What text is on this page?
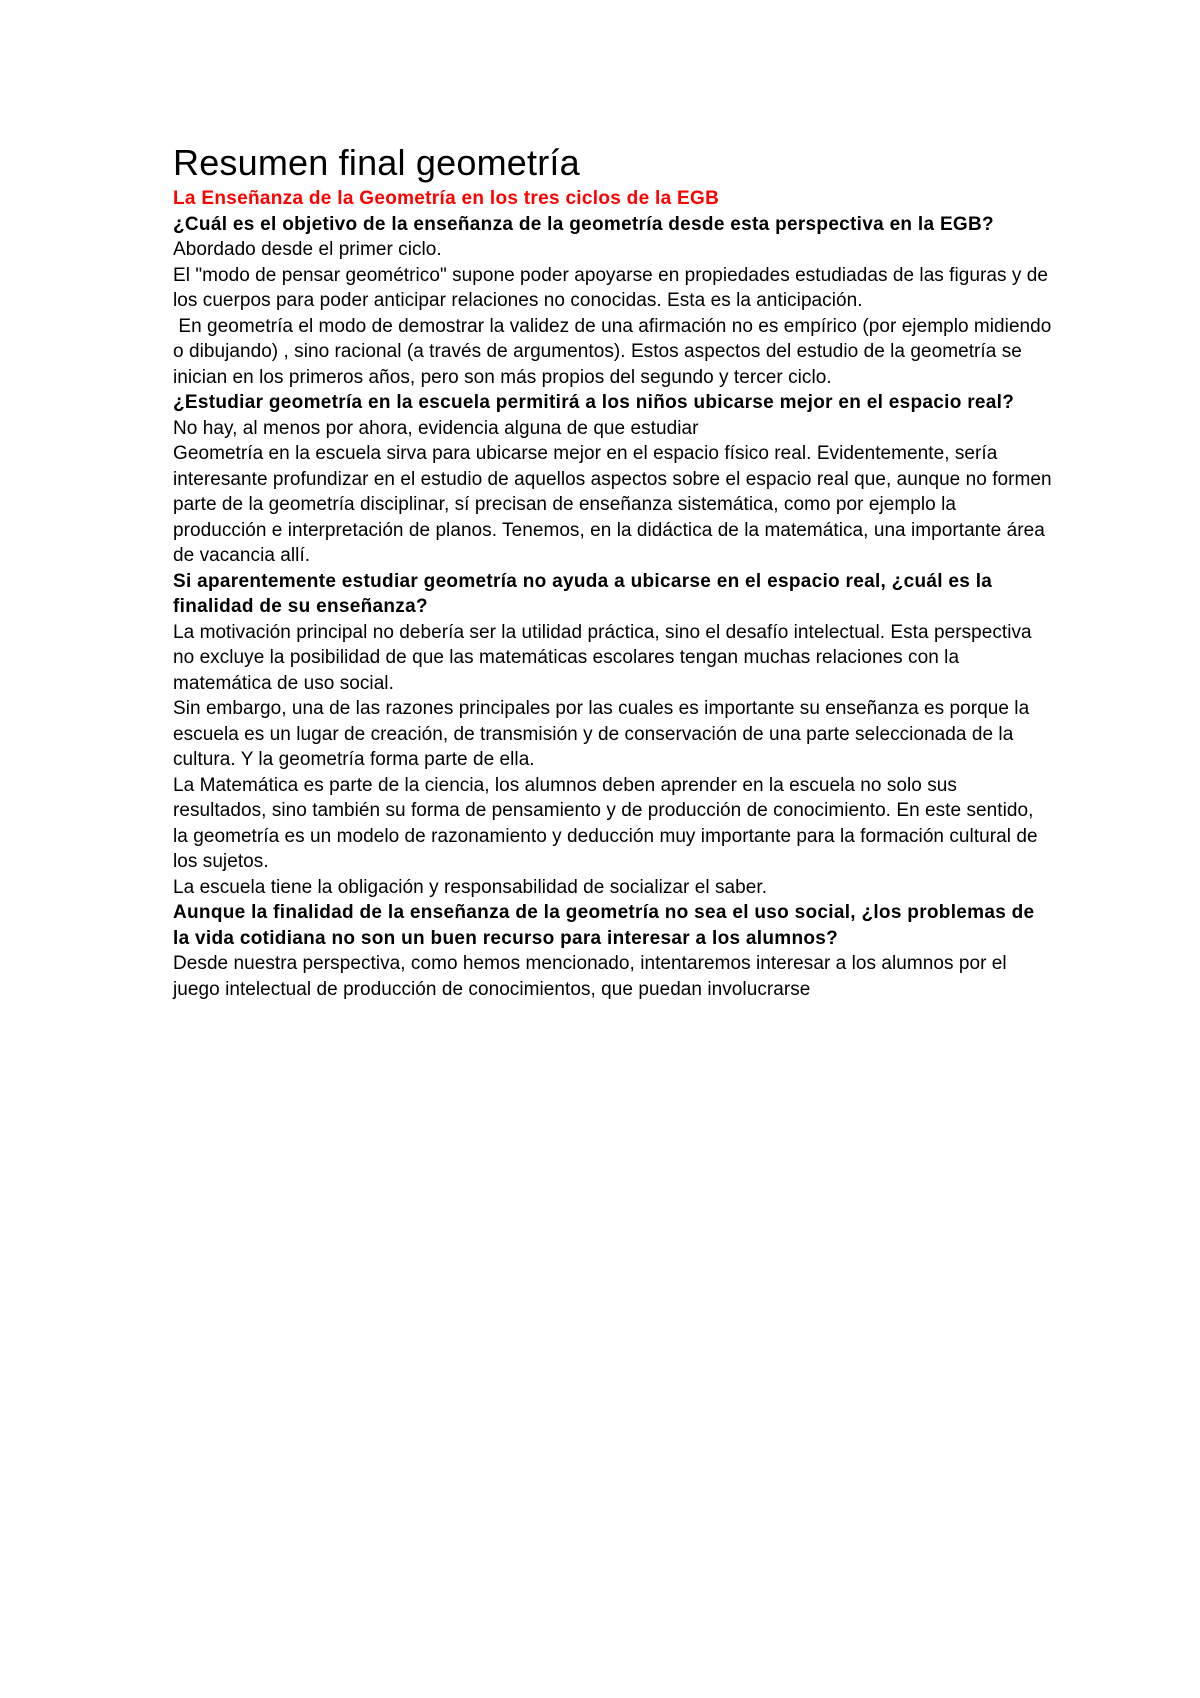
Resumen final geometría

La Enseñanza de la Geometría en los tres ciclos de la EGB

¿Cuál es el objetivo de la enseñanza de la geometría desde esta perspectiva en la EGB?Abordado desde el primer ciclo.

El "modo de pensar geométrico" supone poder apoyarse en propiedades estudiadas de las figuras y de los cuerpos para poder anticipar relaciones no conocidas. Esta es la anticipación.

En geometría el modo de demostrar la validez de una afirmación no es empírico (por ejemplo midiendo o dibujando) , sino racional (a través de argumentos). Estos aspectos del estudio de la geometría se inician en los primeros años, pero son más propios del segundo y tercer ciclo.

¿Estudiar geometría en la escuela permitirá a los niños ubicarse mejor en el espacio real?

No hay, al menos por ahora, evidencia alguna de que estudiar

Geometría en la escuela sirva para ubicarse mejor en el espacio físico real. Evidentemente, sería interesante profundizar en el estudio de aquellos aspectos sobre el espacio real que, aunque no formen parte de la geometría disciplinar, sí precisan de enseñanza sistemática, como por ejemplo la producción e interpretación de planos. Tenemos, en la didáctica de la matemática, una importante área de vacancia allí.

Si aparentemente estudiar geometría no ayuda a ubicarse en el espacio real, ¿cuál es la finalidad de su enseñanza?

La motivación principal no debería ser la utilidad práctica, sino el desafío intelectual. Esta perspectiva no excluye la posibilidad de que las matemáticas escolares tengan muchas relaciones con la matemática de uso social.

Sin embargo, una de las razones principales por las cuales es importante su enseñanza es porque la escuela es un lugar de creación, de transmisión y de conservación de una parte seleccionada de la cultura. Y la geometría forma parte de ella.

La Matemática es parte de la ciencia, los alumnos deben aprender en la escuela no solo sus resultados, sino también su forma de pensamiento y de producción de conocimiento. En este sentido, la geometría es un modelo de razonamiento y deducción muy importante para la formación cultural de los sujetos.

La escuela tiene la obligación y responsabilidad de socializar el saber.

Aunque la finalidad de la enseñanza de la geometría no sea el uso social, ¿los problemas de la vida cotidiana no son un buen recurso para interesar a los alumnos?

Desde nuestra perspectiva, como hemos mencionado, intentaremos interesar a los alumnos por el juego intelectual de producción de conocimientos, que puedan involucrarse
